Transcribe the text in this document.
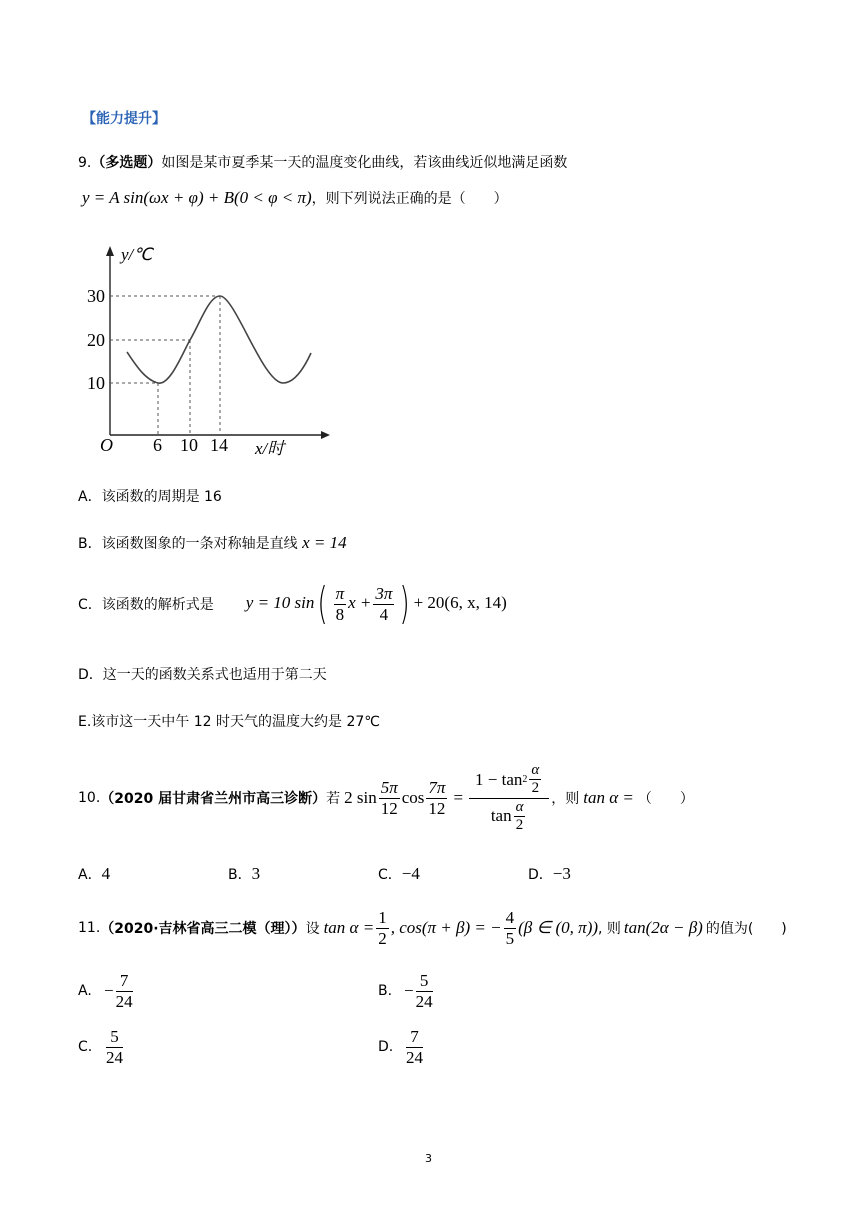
【能力提升】
9.（多选题）如图是某市夏季某一天的温度变化曲线，若该曲线近似地满足函数
y = A sin(ωx + φ) + B(0 < φ < π)，则下列说法正确的是（　　）
y/℃
x/时
O
30
20
10
6 10 14
A．该函数的周期是 16
B．该函数图象的一条对称轴是直线 x = 14
C．该函数的解析式是 y = 10 $\sin( \frac{\pi}{8}$ $x + \frac{3\pi}{4}$ ) + 20(6, x, 14)
D．这一天的函数关系式也适用于第二天
E.该市这一天中午 12 时天气的温度大约是 27℃
10. （2020 届甘肃省兰州市高三诊断） 若 2 $\sin \frac{5\pi}{12}$ $\cos \frac{7\pi}{12} = \frac{1 - \tan 2 \frac{\alpha}{2}}{\tan \frac{\alpha}{2}}$ ，则 tan α = （　　）
A．4	B．3	C．−4	D．−3
11. （2020·吉林省高三二模（理）） 设 $\tan \alpha = \frac{1}{2}$ , cos(π + β) = − $\frac{4}{5} (\beta$ ∈ (0, π)) , 则 tan(2α − β) 的值为(　　)
A. − $\frac{7}{24}$	B. − $\frac{5}{24}$
C. $\frac{5}{24}$	D. $\frac{7}{24}$
3
